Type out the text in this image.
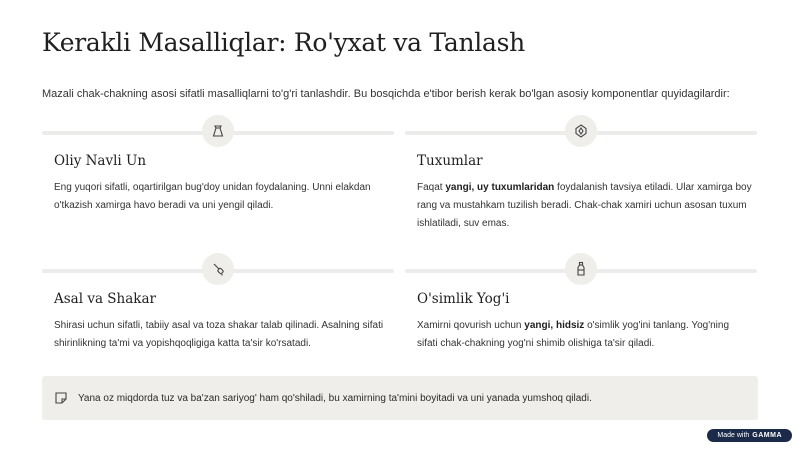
Kerakli Masalliqlar: Ro'yxat va Tanlash

Mazali chak-chakning asosi sifatli masalliqlarni to'g'ri tanlashdir. Bu bosqichda e'tibor berish kerak bo'lgan asosiy komponentlar quyidagilardir:

Oliy Navli Un

Eng yuqori sifatli, oqartirilgan bug'doy unidan foydalaning. Unni elakdan o'tkazish xamirga havo beradi va uni yengil qiladi.

Tuxumlar

Faqat yangi, uy tuxumlaridan foydalanish tavsiya etiladi. Ular xamirga boy rang va mustahkam tuzilish beradi. Chak-chak xamiri uchun asosan tuxum ishlatiladi, suv emas.

Asal va Shakar

Shirasi uchun sifatli, tabiiy asal va toza shakar talab qilinadi. Asalning sifati shirinlikning ta'mi va yopishqoqligiga katta ta'sir ko'rsatadi.

O'simlik Yog'i

Xamirni qovurish uchun yangi, hidsiz o'simlik yog'ini tanlang. Yog'ning sifati chak-chakning yog'ni shimib olishiga ta'sir qiladi.

Yana oz miqdorda tuz va ba'zan sariyog' ham qo'shiladi, bu xamirning ta'mini boyitadi va uni yanada yumshoq qiladi.
Made with GAMMA
